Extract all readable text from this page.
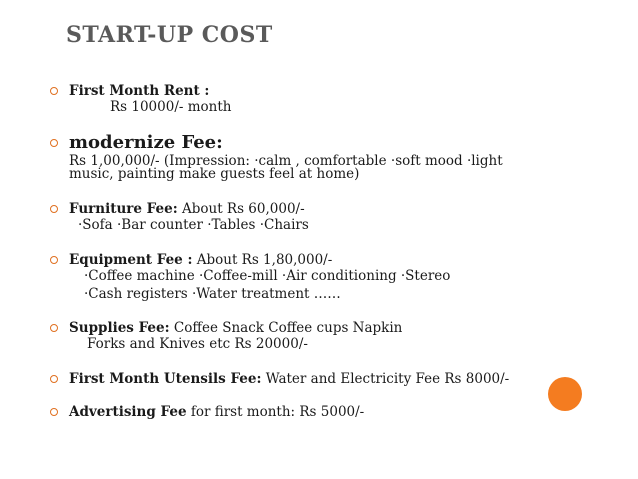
START-UP COST
First Month Rent :
Rs 10000/- month
modernize Fee:
Rs 1,00,000/- (Impression: ·calm , comfortable ·soft mood ·light
music, painting make guests feel at home)
Furniture Fee: About Rs 60,000/-
·Sofa ·Bar counter ·Tables ·Chairs
Equipment Fee : About Rs 1,80,000/-
·Coffee machine ·Coffee-mill ·Air conditioning ·Stereo
·Cash registers ·Water treatment ……
Supplies Fee: Coffee Snack Coffee cups Napkin
Forks and Knives etc Rs 20000/-
First Month Utensils Fee: Water and Electricity Fee Rs 8000/-
Advertising Fee for first month: Rs 5000/-
